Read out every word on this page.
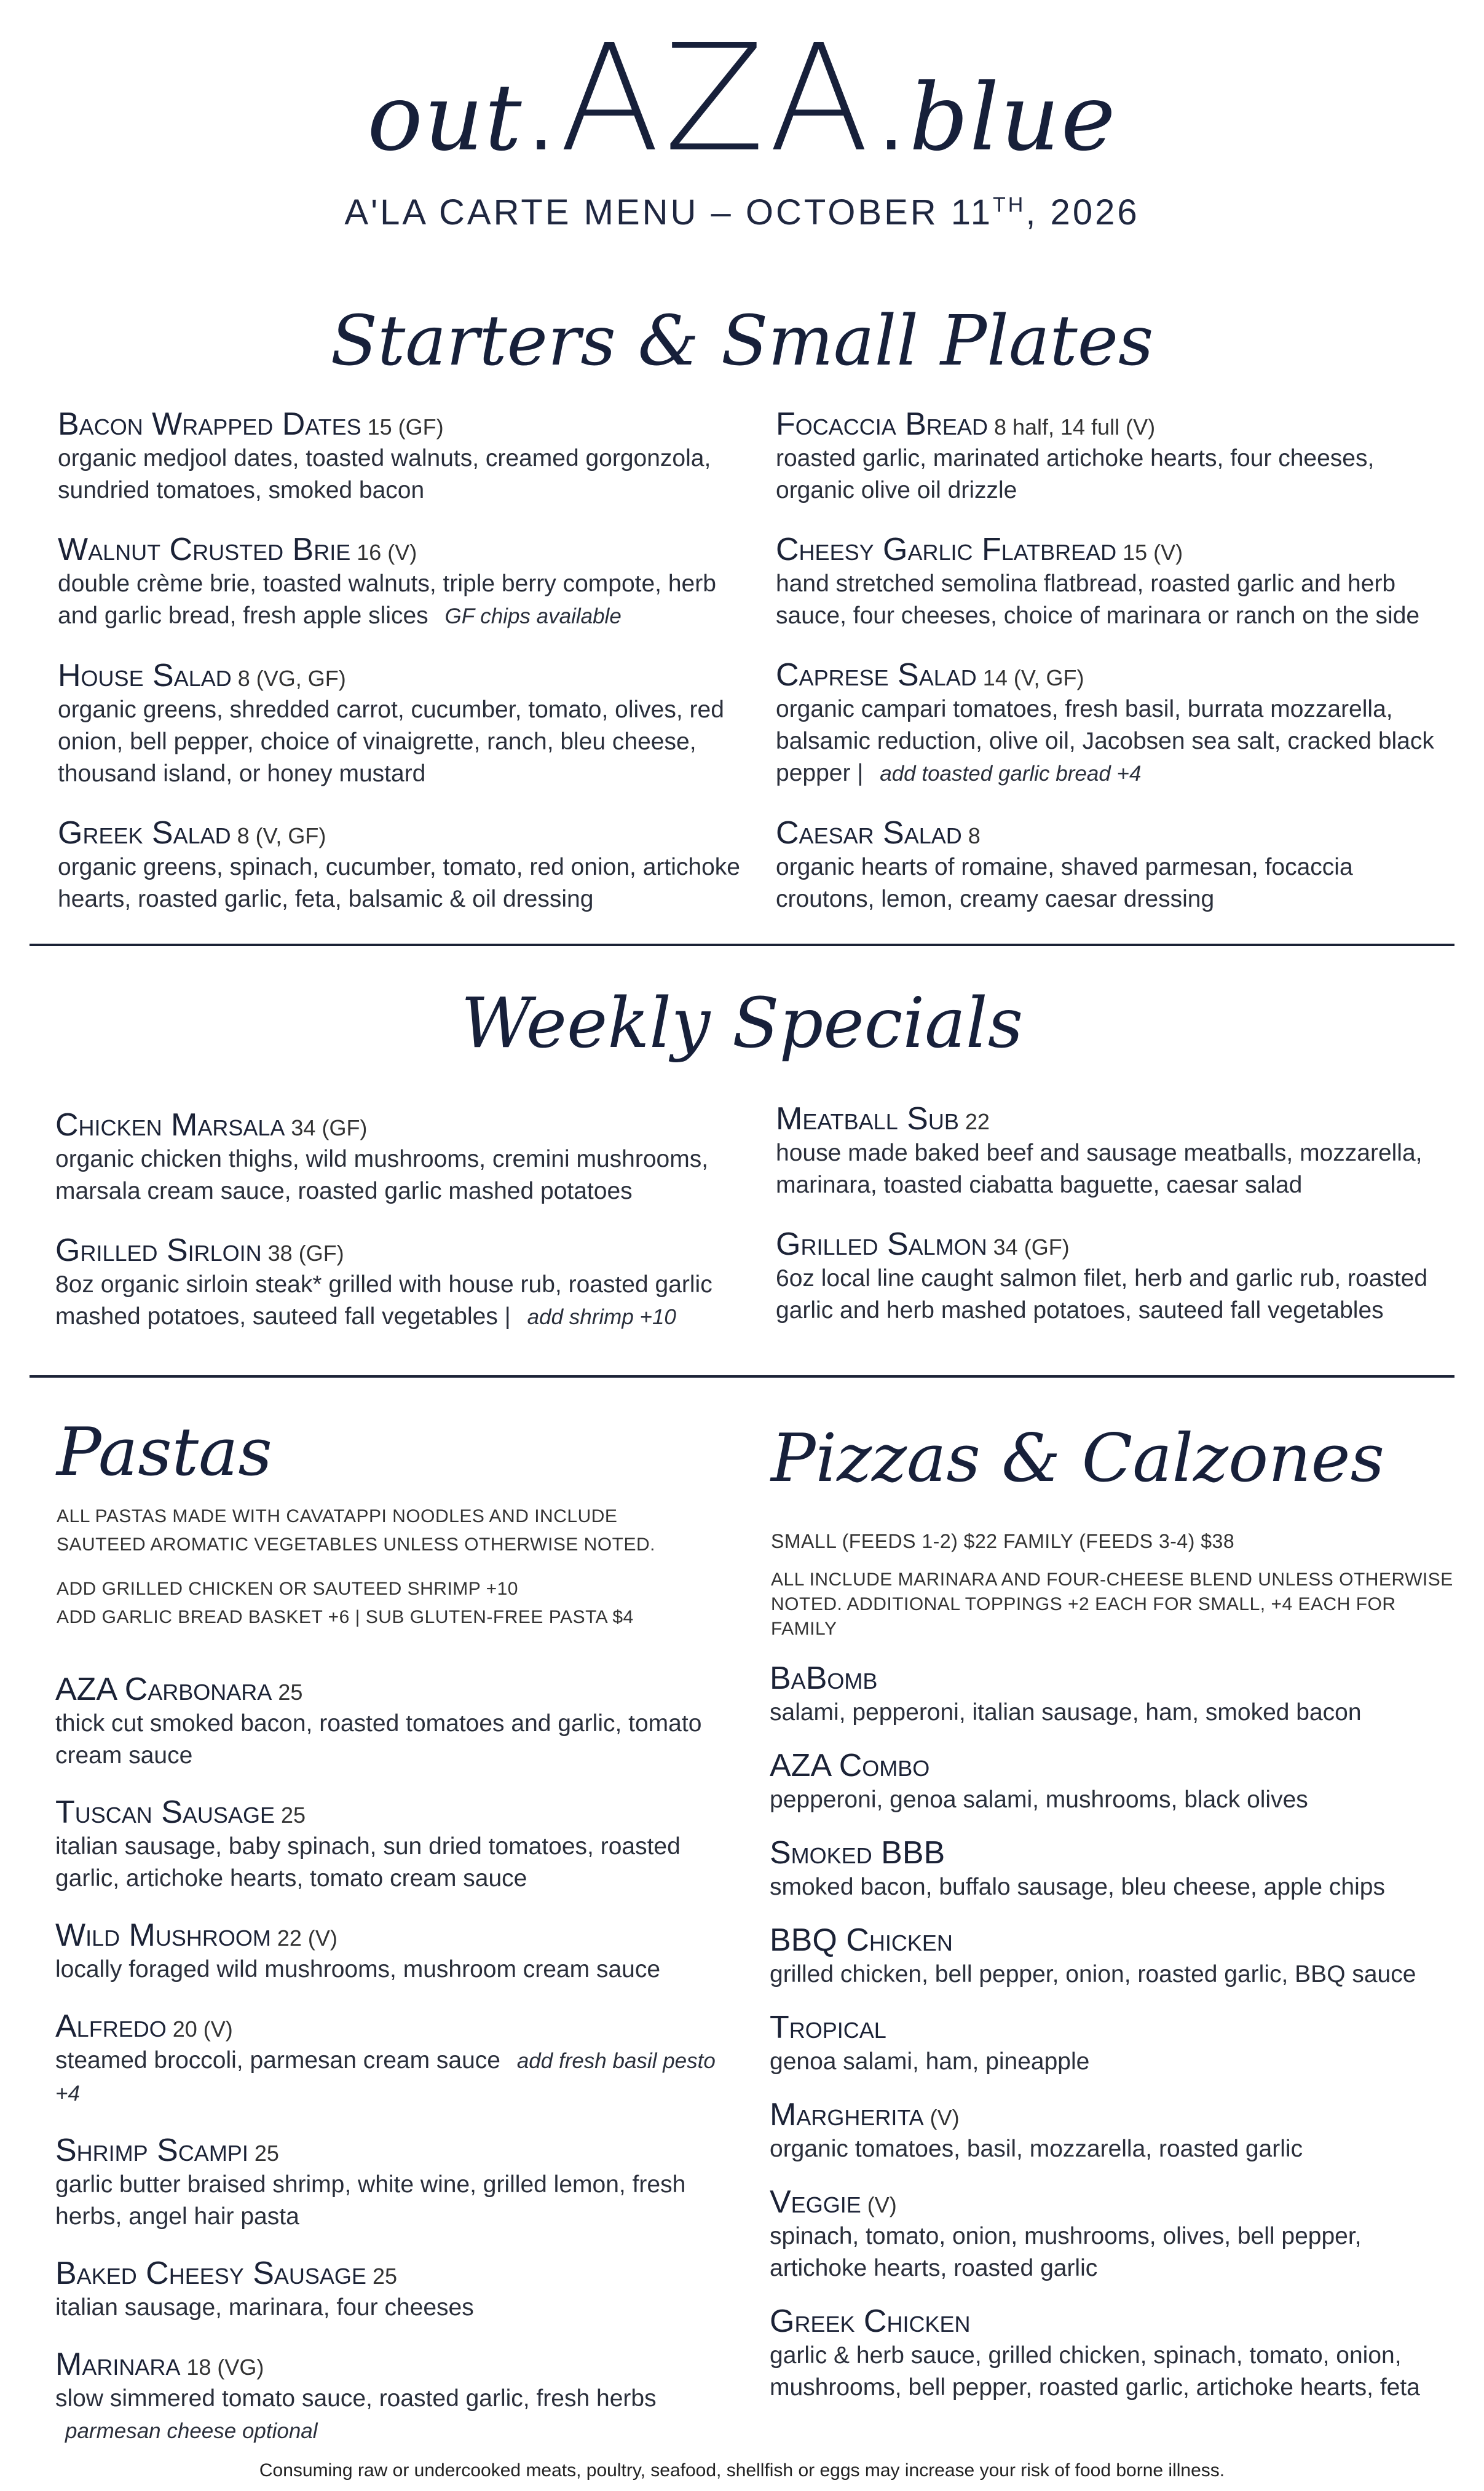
out.AZA.blue
A'LA CARTE MENU – OCTOBER 11TH, 2026
Starters & Small Plates
Bacon Wrapped Dates 15 (GF)
organic medjool dates, toasted walnuts, creamed gorgonzola, sundried tomatoes, smoked bacon
Walnut Crusted Brie 16 (V)
double crème brie, toasted walnuts, triple berry compote, herb and garlic bread, fresh apple slices GF chips available
House Salad 8 (VG, GF)
organic greens, shredded carrot, cucumber, tomato, olives, red onion, bell pepper, choice of vinaigrette, ranch, bleu cheese, thousand island, or honey mustard
Greek Salad 8 (V, GF)
organic greens, spinach, cucumber, tomato, red onion, artichoke hearts, roasted garlic, feta, balsamic & oil dressing
Focaccia Bread 8 half, 14 full (V)
roasted garlic, marinated artichoke hearts, four cheeses, organic olive oil drizzle
Cheesy Garlic Flatbread 15 (V)
hand stretched semolina flatbread, roasted garlic and herb sauce, four cheeses, choice of marinara or ranch on the side
Caprese Salad 14 (V, GF)
organic campari tomatoes, fresh basil, burrata mozzarella, balsamic reduction, olive oil, Jacobsen sea salt, cracked black pepper | add toasted garlic bread +4
Caesar Salad 8
organic hearts of romaine, shaved parmesan, focaccia croutons, lemon, creamy caesar dressing
Weekly Specials
Chicken Marsala 34 (GF)
organic chicken thighs, wild mushrooms, cremini mushrooms, marsala cream sauce, roasted garlic mashed potatoes
Grilled Sirloin 38 (GF)
8oz organic sirloin steak* grilled with house rub, roasted garlic mashed potatoes, sauteed fall vegetables | add shrimp +10
Meatball Sub 22
house made baked beef and sausage meatballs, mozzarella, marinara, toasted ciabatta baguette, caesar salad
Grilled Salmon 34 (GF)
6oz local line caught salmon filet, herb and garlic rub, roasted garlic and herb mashed potatoes, sauteed fall vegetables
Pastas
ALL PASTAS MADE WITH CAVATAPPI NOODLES AND INCLUDE SAUTEED AROMATIC VEGETABLES UNLESS OTHERWISE NOTED.
ADD GRILLED CHICKEN OR SAUTEED SHRIMP +10
ADD GARLIC BREAD BASKET +6 | SUB GLUTEN-FREE PASTA $4
AZA Carbonara 25
thick cut smoked bacon, roasted tomatoes and garlic, tomato cream sauce
Tuscan Sausage 25
italian sausage, baby spinach, sun dried tomatoes, roasted garlic, artichoke hearts, tomato cream sauce
Wild Mushroom 22 (V)
locally foraged wild mushrooms, mushroom cream sauce
Alfredo 20 (V)
steamed broccoli, parmesan cream sauce add fresh basil pesto +4
Shrimp Scampi 25
garlic butter braised shrimp, white wine, grilled lemon, fresh herbs, angel hair pasta
Baked Cheesy Sausage 25
italian sausage, marinara, four cheeses
Marinara 18 (VG)
slow simmered tomato sauce, roasted garlic, fresh herbs parmesan cheese optional
Pizzas & Calzones
SMALL (FEEDS 1-2) $22 FAMILY (FEEDS 3-4) $38
ALL INCLUDE MARINARA AND FOUR-CHEESE BLEND UNLESS OTHERWISE NOTED. ADDITIONAL TOPPINGS +2 EACH FOR SMALL, +4 EACH FOR FAMILY
BaBomb
salami, pepperoni, italian sausage, ham, smoked bacon
AZA Combo
pepperoni, genoa salami, mushrooms, black olives
Smoked BBB
smoked bacon, buffalo sausage, bleu cheese, apple chips
BBQ Chicken
grilled chicken, bell pepper, onion, roasted garlic, BBQ sauce
Tropical
genoa salami, ham, pineapple
Margherita (V)
organic tomatoes, basil, mozzarella, roasted garlic
Veggie (V)
spinach, tomato, onion, mushrooms, olives, bell pepper, artichoke hearts, roasted garlic
Greek Chicken
garlic & herb sauce, grilled chicken, spinach, tomato, onion, mushrooms, bell pepper, roasted garlic, artichoke hearts, feta
Consuming raw or undercooked meats, poultry, seafood, shellfish or eggs may increase your risk of food borne illness.
